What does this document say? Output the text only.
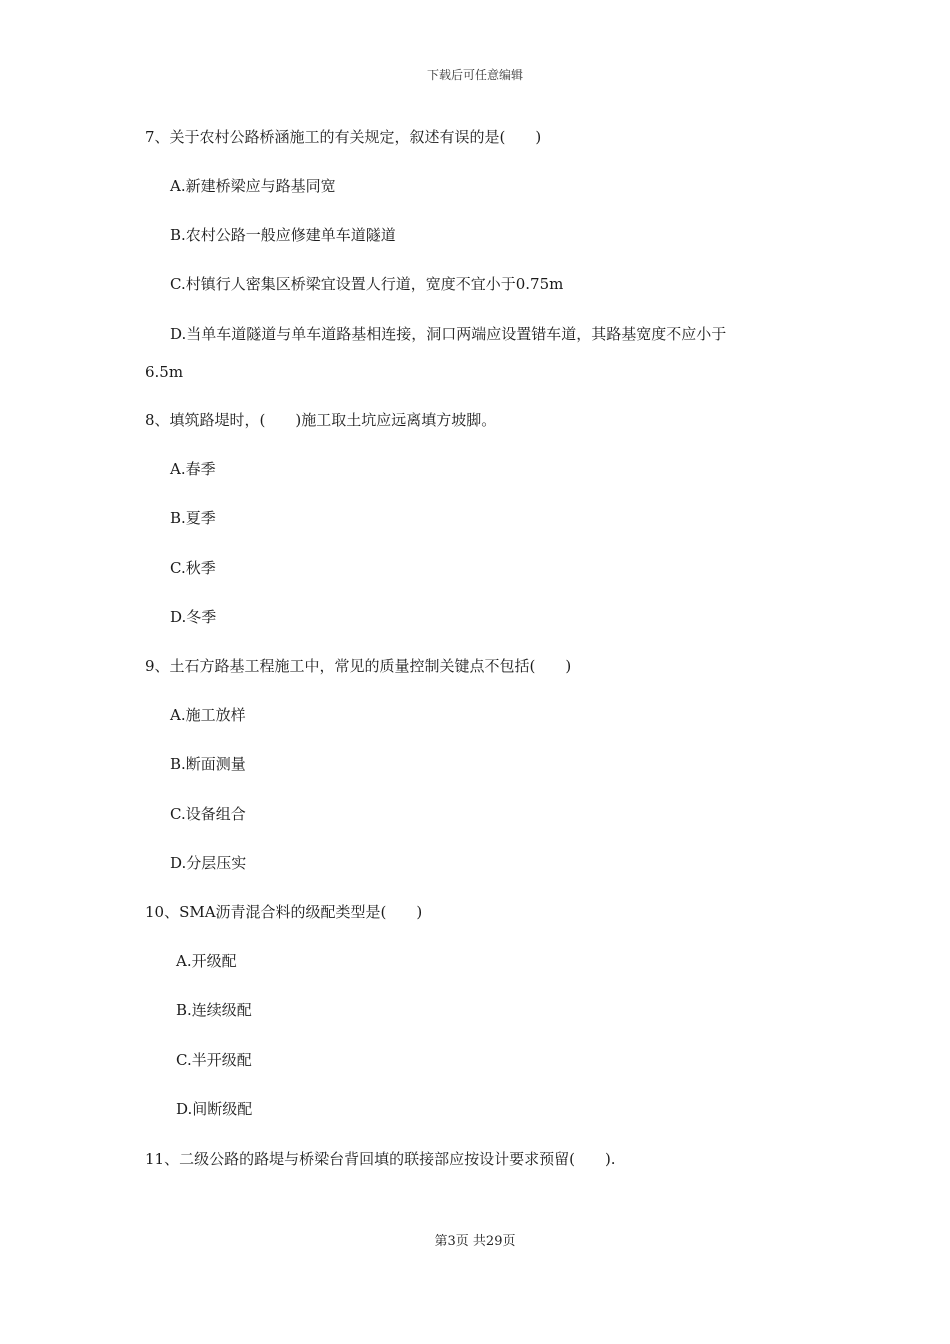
下载后可任意编辑
7、关于农村公路桥涵施工的有关规定，叙述有误的是(　　)
A.新建桥梁应与路基同宽
B.农村公路一般应修建单车道隧道
C.村镇行人密集区桥梁宜设置人行道，宽度不宜小于0.75m
D.当单车道隧道与单车道路基相连接，洞口两端应设置错车道，其路基宽度不应小于
6.5m
8、填筑路堤时，(　　)施工取土坑应远离填方坡脚。
A.春季
B.夏季
C.秋季
D.冬季
9、土石方路基工程施工中，常见的质量控制关键点不包括(　　)
A.施工放样
B.断面测量
C.设备组合
D.分层压实
10、SMA沥青混合料的级配类型是(　　)
A.开级配
B.连续级配
C.半开级配
D.间断级配
11、二级公路的路堤与桥梁台背回填的联接部应按设计要求预留(　　).
第3页 共29页
